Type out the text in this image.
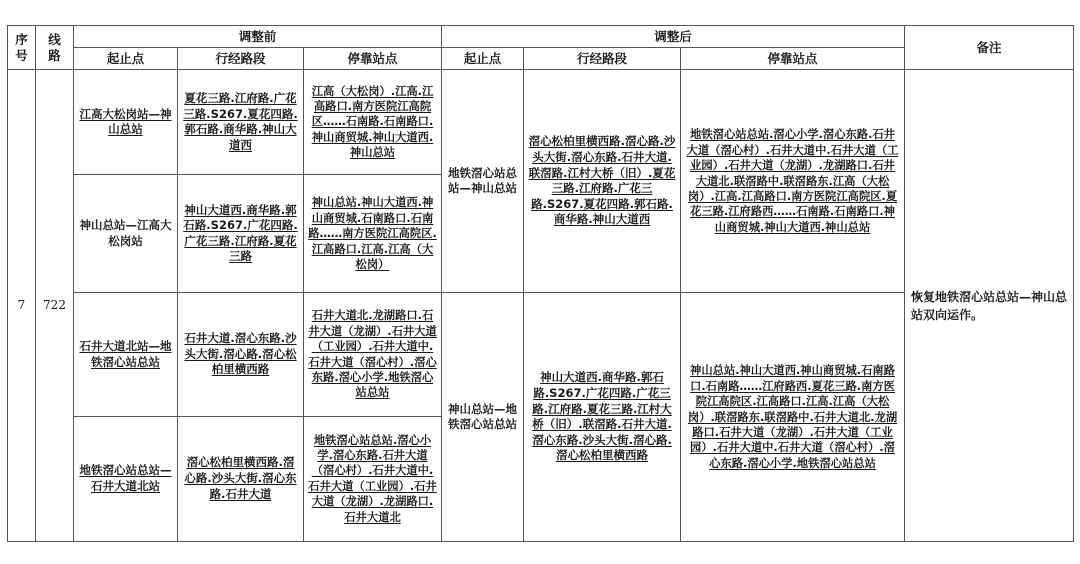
序
号	线
路	调整前			调整后			备注
		起止点	行经路段	停靠站点	起止点	行经路段	停靠站点	
7	722	江高大松岗站—神山总站	夏花三路.江府路.广花三路.S267.夏花四路.郭石路.商华路.神山大道西	江高（大松岗）.江高.江高路口.南方医院江高院区……石南路.石南路口.神山商贸城.神山大道西.神山总站	地铁滘心站总站—神山总站	滘心松柏里横西路.滘心路.沙头大街.滘心东路.石井大道.联滘路.江村大桥（旧）.夏花三路.江府路.广花三路.S267.夏花四路.郭石路.商华路.神山大道西	地铁滘心站总站.滘心小学.滘心东路.石井大道（滘心村）.石井大道中.石井大道（工业园）.石井大道（龙湖）.龙湖路口.石井大道北.联滘路中.联滘路东.江高（大松岗）.江高.江高路口.南方医院江高院区.夏花三路.江府路西……石南路.石南路口.神山商贸城.神山大道西.神山总站	恢复地铁滘心站总站—神山总站双向运作。
		神山总站—江高大松岗站	神山大道西.商华路.郭石路.S267.广花四路.广花三路.江府路.夏花三路	神山总站.神山大道西.神山商贸城.石南路口.石南路……南方医院江高院区.江高路口.江高.江高（大松岗）				
		石井大道北站—地铁滘心站总站	石井大道.滘心东路.沙头大街.滘心路.滘心松柏里横西路	石井大道北.龙湖路口.石井大道（龙湖）.石井大道（工业园）.石井大道中.石井大道（滘心村）.滘心东路.滘心小学.地铁滘心站总站	神山总站—地铁滘心站总站	神山大道西.商华路.郭石路.S267.广花四路.广花三路.江府路.夏花三路.江村大桥（旧）.联滘路.石井大道.滘心东路.沙头大街.滘心路.滘心松柏里横西路	神山总站.神山大道西.神山商贸城.石南路口.石南路……江府路西.夏花三路.南方医院江高院区.江高路口.江高.江高（大松岗）.联滘路东.联滘路中.石井大道北.龙湖路口.石井大道（龙湖）.石井大道（工业园）.石井大道中.石井大道（滘心村）.滘心东路.滘心小学.地铁滘心站总站	
		地铁滘心站总站—石井大道北站	滘心松柏里横西路.滘心路.沙头大街.滘心东路.石井大道	地铁滘心站总站.滘心小学.滘心东路.石井大道（滘心村）.石井大道中.石井大道（工业园）.石井大道（龙湖）.龙湖路口.石井大道北				
